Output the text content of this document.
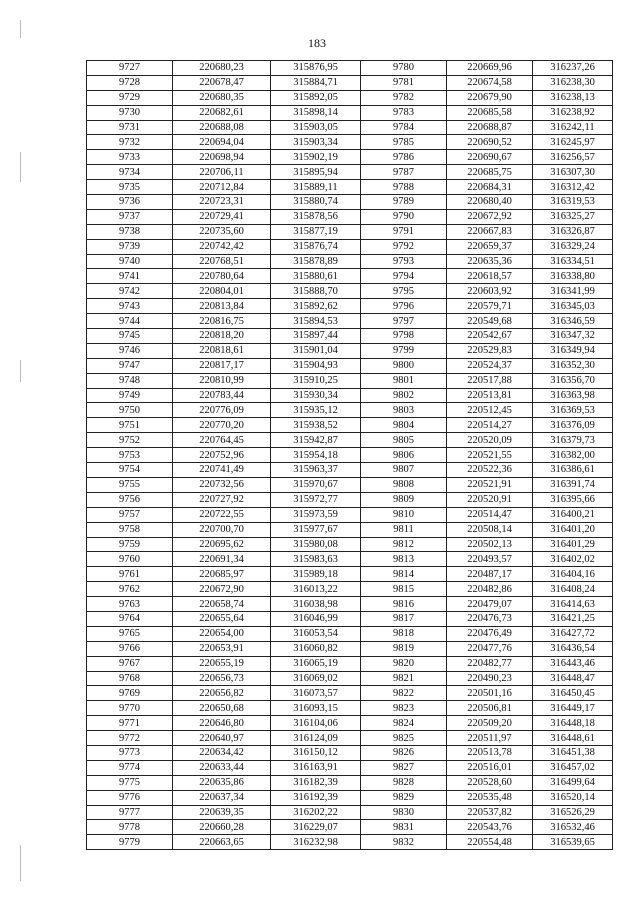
183
9727	220680,23	315876,95	9780	220669,96	316237,26
9728	220678,47	315884,71	9781	220674,58	316238,30
9729	220680,35	315892,05	9782	220679,90	316238,13
9730	220682,61	315898,14	9783	220685,58	316238,92
9731	220688,08	315903,05	9784	220688,87	316242,11
9732	220694,04	315903,34	9785	220690,52	316245,97
9733	220698,94	315902,19	9786	220690,67	316256,57
9734	220706,11	315895,94	9787	220685,75	316307,30
9735	220712,84	315889,11	9788	220684,31	316312,42
9736	220723,31	315880,74	9789	220680,40	316319,53
9737	220729,41	315878,56	9790	220672,92	316325,27
9738	220735,60	315877,19	9791	220667,83	316326,87
9739	220742,42	315876,74	9792	220659,37	316329,24
9740	220768,51	315878,89	9793	220635,36	316334,51
9741	220780,64	315880,61	9794	220618,57	316338,80
9742	220804,01	315888,70	9795	220603,92	316341,99
9743	220813,84	315892,62	9796	220579,71	316345,03
9744	220816,75	315894,53	9797	220549,68	316346,59
9745	220818,20	315897,44	9798	220542,67	316347,32
9746	220818,61	315901,04	9799	220529,83	316349,94
9747	220817,17	315904,93	9800	220524,37	316352,30
9748	220810,99	315910,25	9801	220517,88	316356,70
9749	220783,44	315930,34	9802	220513,81	316363,98
9750	220776,09	315935,12	9803	220512,45	316369,53
9751	220770,20	315938,52	9804	220514,27	316376,09
9752	220764,45	315942,87	9805	220520,09	316379,73
9753	220752,96	315954,18	9806	220521,55	316382,00
9754	220741,49	315963,37	9807	220522,36	316386,61
9755	220732,56	315970,67	9808	220521,91	316391,74
9756	220727,92	315972,77	9809	220520,91	316395,66
9757	220722,55	315973,59	9810	220514,47	316400,21
9758	220700,70	315977,67	9811	220508,14	316401,20
9759	220695,62	315980,08	9812	220502,13	316401,29
9760	220691,34	315983,63	9813	220493,57	316402,02
9761	220685,97	315989,18	9814	220487,17	316404,16
9762	220672,90	316013,22	9815	220482,86	316408,24
9763	220658,74	316038,98	9816	220479,07	316414,63
9764	220655,64	316046,99	9817	220476,73	316421,25
9765	220654,00	316053,54	9818	220476,49	316427,72
9766	220653,91	316060,82	9819	220477,76	316436,54
9767	220655,19	316065,19	9820	220482,77	316443,46
9768	220656,73	316069,02	9821	220490,23	316448,47
9769	220656,82	316073,57	9822	220501,16	316450,45
9770	220650,68	316093,15	9823	220506,81	316449,17
9771	220646,80	316104,06	9824	220509,20	316448,18
9772	220640,97	316124,09	9825	220511,97	316448,61
9773	220634,42	316150,12	9826	220513,78	316451,38
9774	220633,44	316163,91	9827	220516,01	316457,02
9775	220635,86	316182,39	9828	220528,60	316499,64
9776	220637,34	316192,39	9829	220535,48	316520,14
9777	220639,35	316202,22	9830	220537,82	316526,29
9778	220660,28	316229,07	9831	220543,76	316532,46
9779	220663,65	316232,98	9832	220554,48	316539,65
